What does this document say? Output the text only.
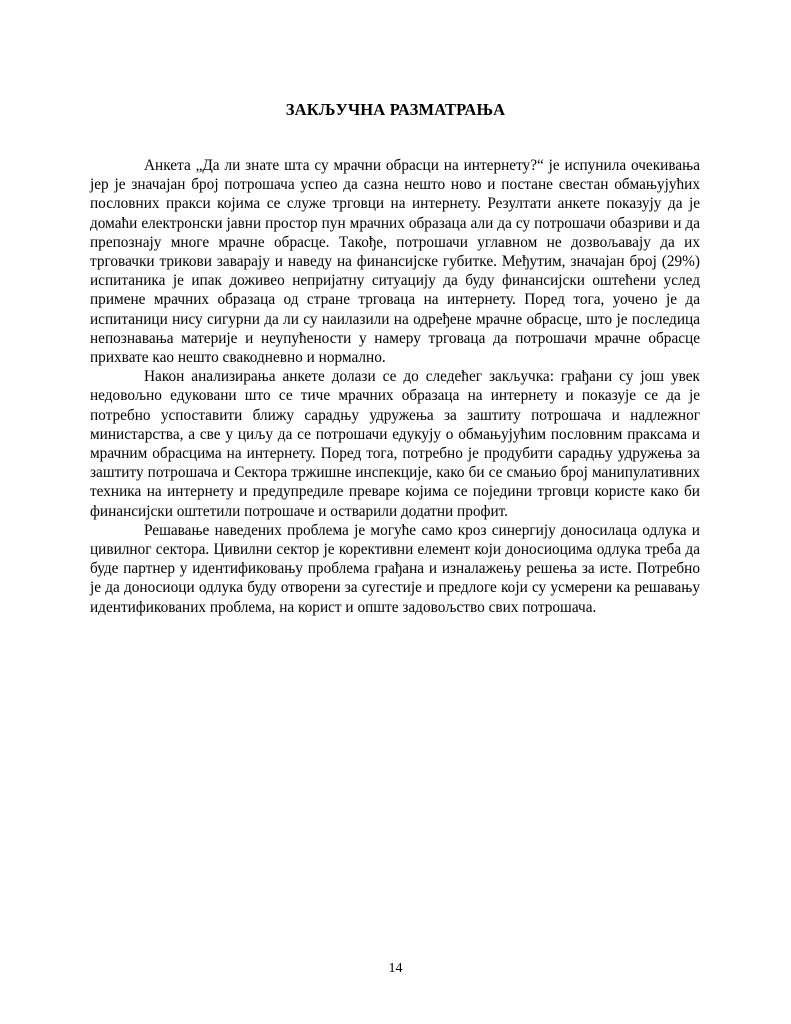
ЗАКЉУЧНА РАЗМАТРАЊА

Анкета „Да ли знате шта су мрачни обрасци на интернету?“ је испунила очекивања јер је значајан број потрошача успео да сазна нешто ново и постане свестан обмањујућих пословних пракси којима се служе трговци на интернету. Резултати анкете показују да је домаћи електронски јавни простор пун мрачних образаца али да су потрошачи обазриви и да препознају многе мрачне обрасце. Такође, потрошачи углавном не дозвољавају да их трговачки трикови заварају и наведу на финансијске губитке. Међутим, значајан број (29%) испитаника је ипак доживео непријатну ситуацију да буду финансијски оштећени услед примене мрачних образаца од стране трговаца на интернету. Поред тога, уочено је да испитаници нису сигурни да ли су наилазили на одређене мрачне обрасце, што је последица непознавања материје и неупућености у намеру трговаца да потрошачи мрачне обрасце прихвате као нешто свакодневно и нормално.

Након анализирања анкете долази се до следећег закључка: грађани су још увек недовољно едуковани што се тиче мрачних образаца на интернету и показује се да је потребно успоставити ближу сарадњу удружења за заштиту потрошача и надлежног министарства, а све у циљу да се потрошачи едукују о обмањујућим пословним праксама и мрачним обрасцима на интернету. Поред тога, потребно је продубити сарадњу удружења за заштиту потрошача и Сектора тржишне инспекције, како би се смањио број манипулативних техника на интернету и предупредиле преваре којима се поједини трговци користе како би финансијски оштетили потрошаче и остварили додатни профит.

Решавање наведених проблема је могуће само кроз синергију доносилаца одлука и цивилног сектора. Цивилни сектор је корективни елемент који доносиоцима одлука треба да буде партнер у идентификовању проблема грађана и изналажењу решења за исте. Потребно је да доносиоци одлука буду отворени за сугестије и предлоге који су усмерени ка решавању идентификованих проблема, на корист и опште задовољство свих потрошача.

14
